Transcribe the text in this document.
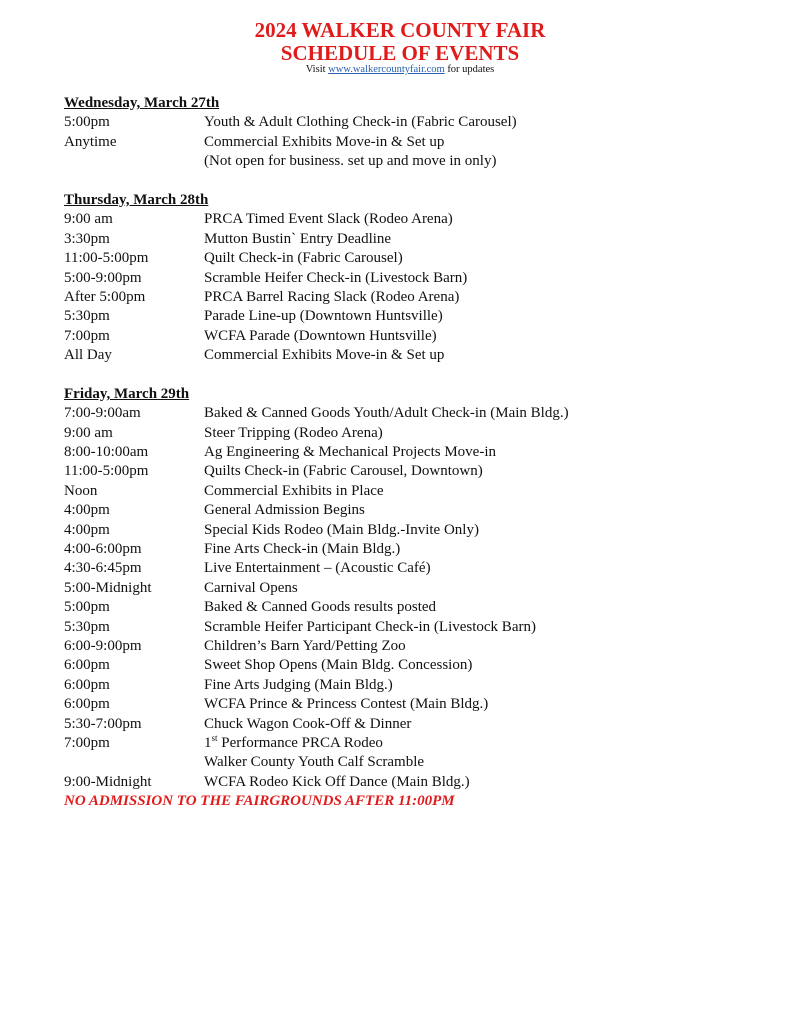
2024 WALKER COUNTY FAIR
SCHEDULE OF EVENTS
Visit www.walkercountyfair.com for updates
Wednesday, March 27th
5:00pm	Youth & Adult Clothing Check-in (Fabric Carousel)
Anytime	Commercial Exhibits Move-in & Set up
(Not open for business. set up and move in only)
Thursday, March 28th
9:00 am	PRCA Timed Event Slack (Rodeo Arena)
3:30pm	Mutton Bustin` Entry Deadline
11:00-5:00pm	Quilt Check-in (Fabric Carousel)
5:00-9:00pm	Scramble Heifer Check-in (Livestock Barn)
After 5:00pm	PRCA Barrel Racing Slack (Rodeo Arena)
5:30pm	Parade Line-up (Downtown Huntsville)
7:00pm	WCFA Parade (Downtown Huntsville)
All Day	Commercial Exhibits Move-in & Set up
Friday, March 29th
7:00-9:00am	Baked & Canned Goods Youth/Adult Check-in (Main Bldg.)
9:00 am	Steer Tripping (Rodeo Arena)
8:00-10:00am	Ag Engineering & Mechanical Projects Move-in
11:00-5:00pm	Quilts Check-in (Fabric Carousel, Downtown)
Noon	Commercial Exhibits in Place
4:00pm	General Admission Begins
4:00pm	Special Kids Rodeo (Main Bldg.-Invite Only)
4:00-6:00pm	Fine Arts Check-in (Main Bldg.)
4:30-6:45pm	Live Entertainment – (Acoustic Café)
5:00-Midnight	Carnival Opens
5:00pm	Baked & Canned Goods results posted
5:30pm	Scramble Heifer Participant Check-in (Livestock Barn)
6:00-9:00pm	Children’s Barn Yard/Petting Zoo
6:00pm	Sweet Shop Opens (Main Bldg. Concession)
6:00pm	Fine Arts Judging (Main Bldg.)
6:00pm	WCFA Prince & Princess Contest (Main Bldg.)
5:30-7:00pm	Chuck Wagon Cook-Off & Dinner
7:00pm	1st Performance PRCA Rodeo
Walker County Youth Calf Scramble
9:00-Midnight	WCFA Rodeo Kick Off Dance (Main Bldg.)
NO ADMISSION TO THE FAIRGROUNDS AFTER 11:00PM
